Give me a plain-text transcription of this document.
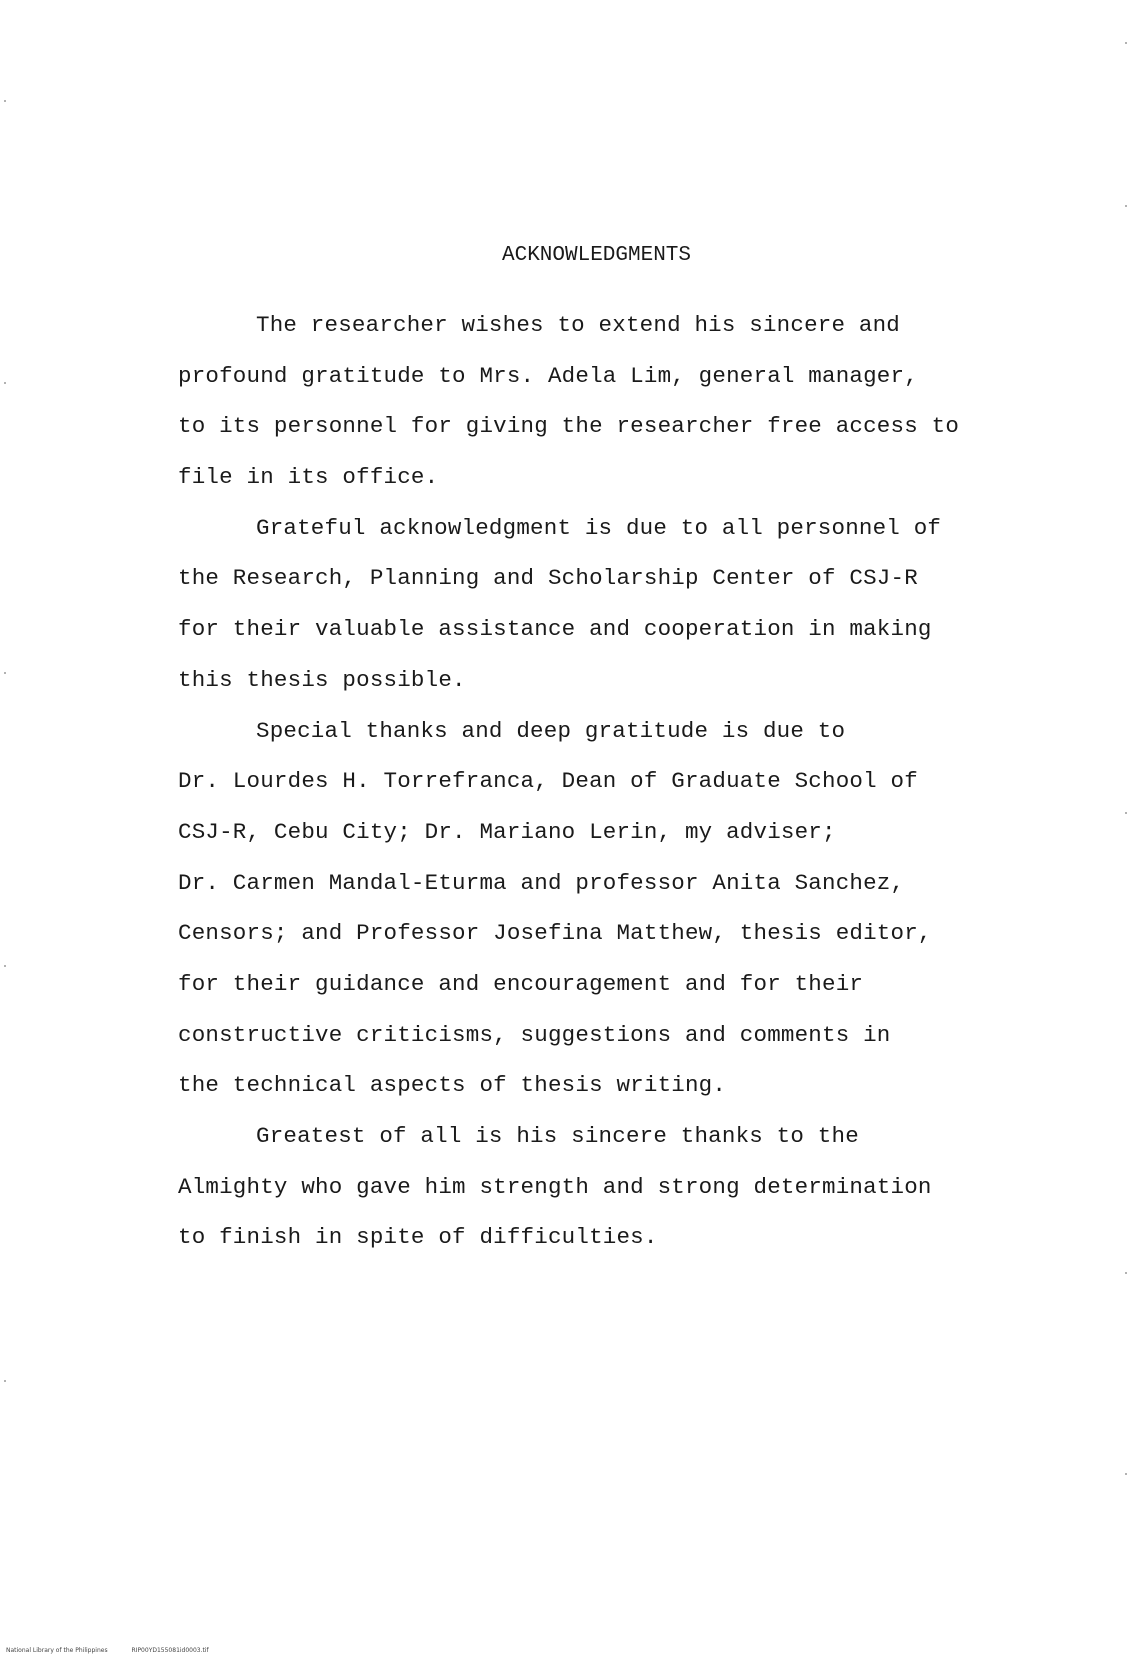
ACKNOWLEDGMENTS
The researcher wishes to extend his sincere and
profound gratitude to Mrs. Adela Lim, general manager,
to its personnel for giving the researcher free access to
file in its office.
Grateful acknowledgment is due to all personnel of
the Research, Planning and Scholarship Center of CSJ-R
for their valuable assistance and cooperation in making
this thesis possible.
Special thanks and deep gratitude is due to
Dr. Lourdes H. Torrefranca, Dean of Graduate School of
CSJ-R, Cebu City; Dr. Mariano Lerin, my adviser;
Dr. Carmen Mandal-Eturma and professor Anita Sanchez,
Censors; and Professor Josefina Matthew, thesis editor,
for their guidance and encouragement and for their
constructive criticisms, suggestions and comments in
the technical aspects of thesis writing.
Greatest of all is his sincere thanks to the
Almighty who gave him strength and strong determination
to finish in spite of difficulties.
National Library of the Philippines	RIP00YD155081id0003.tif
